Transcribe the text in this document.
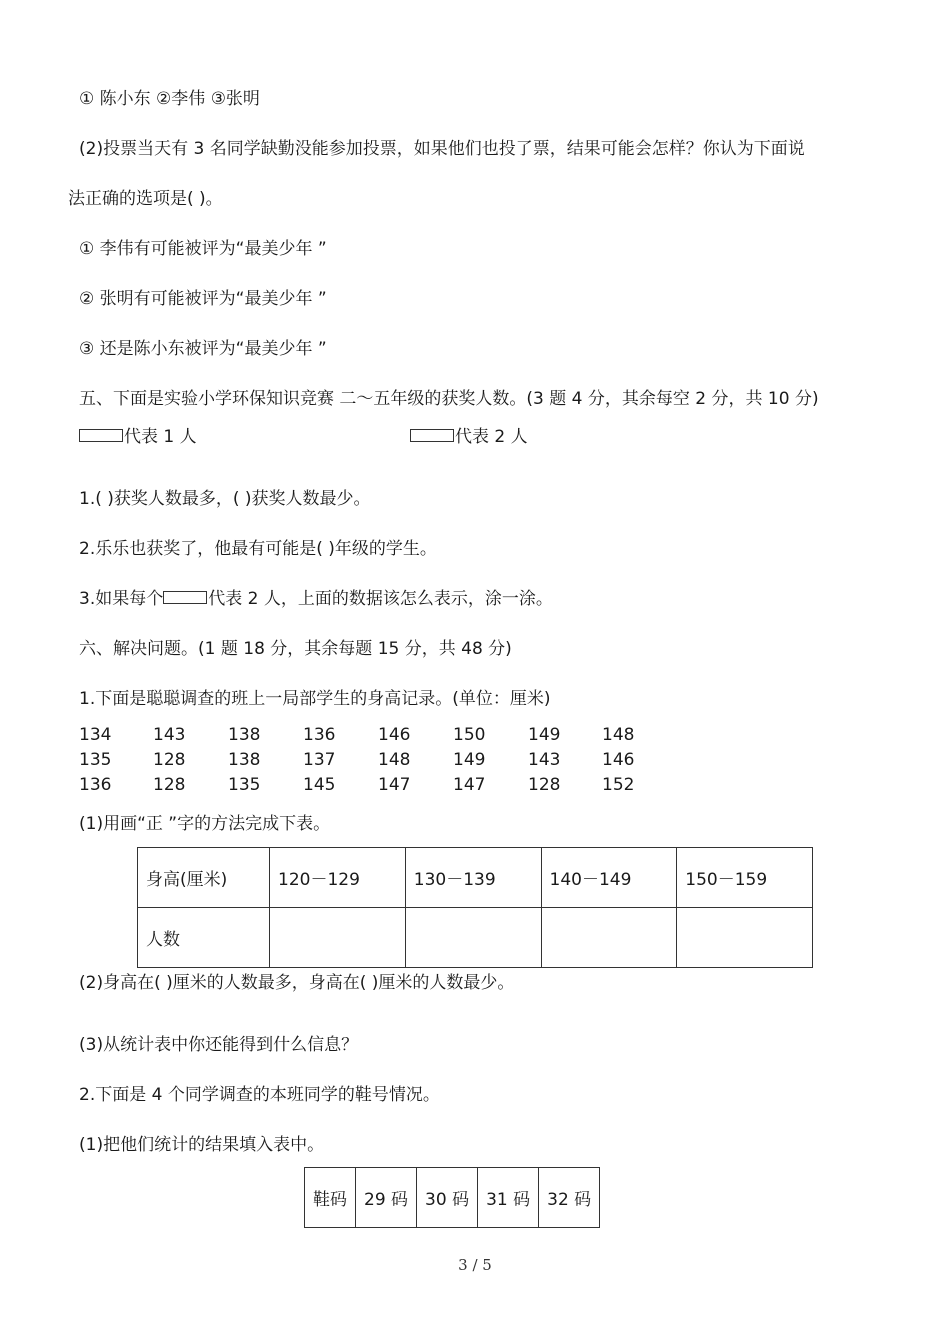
① 陈小东 ②李伟 ③张明
(2)投票当天有 3 名同学缺勤没能参加投票，如果他们也投了票，结果可能会怎样？你认为下面说
法正确的选项是( )。
① 李伟有可能被评为“最美少年 ”
② 张明有可能被评为“最美少年 ”
③ 还是陈小东被评为“最美少年 ”
五、下面是实验小学环保知识竞赛 二～五年级的获奖人数。(3 题 4 分，其余每空 2 分，共 10 分)
代表 1 人	代表 2 人
1.( )获奖人数最多，( )获奖人数最少。
2.乐乐也获奖了，他最有可能是( )年级的学生。
3.如果每个	代表 2 人，上面的数据该怎么表示，涂一涂。
六、解决问题。(1 题 18 分，其余每题 15 分，共 48 分)
1.下面是聪聪调查的班上一局部学生的身高记录。(单位：厘米)
134 143	138	136	146	150	149 148
135 128	138	137	148	149	143 146
136 128	135	145	147	147	128 152
(1)用画“正 ”字的方法完成下表。
身高(厘米)	120－129	130－139	140－149	150－159
人数				
(2)身高在( )厘米的人数最多，身高在( )厘米的人数最少。
(3)从统计表中你还能得到什么信息？
2.下面是 4 个同学调查的本班同学的鞋号情况。
(1)把他们统计的结果填入表中。
鞋码	29 码	30 码	31 码	32 码
3 / 5
